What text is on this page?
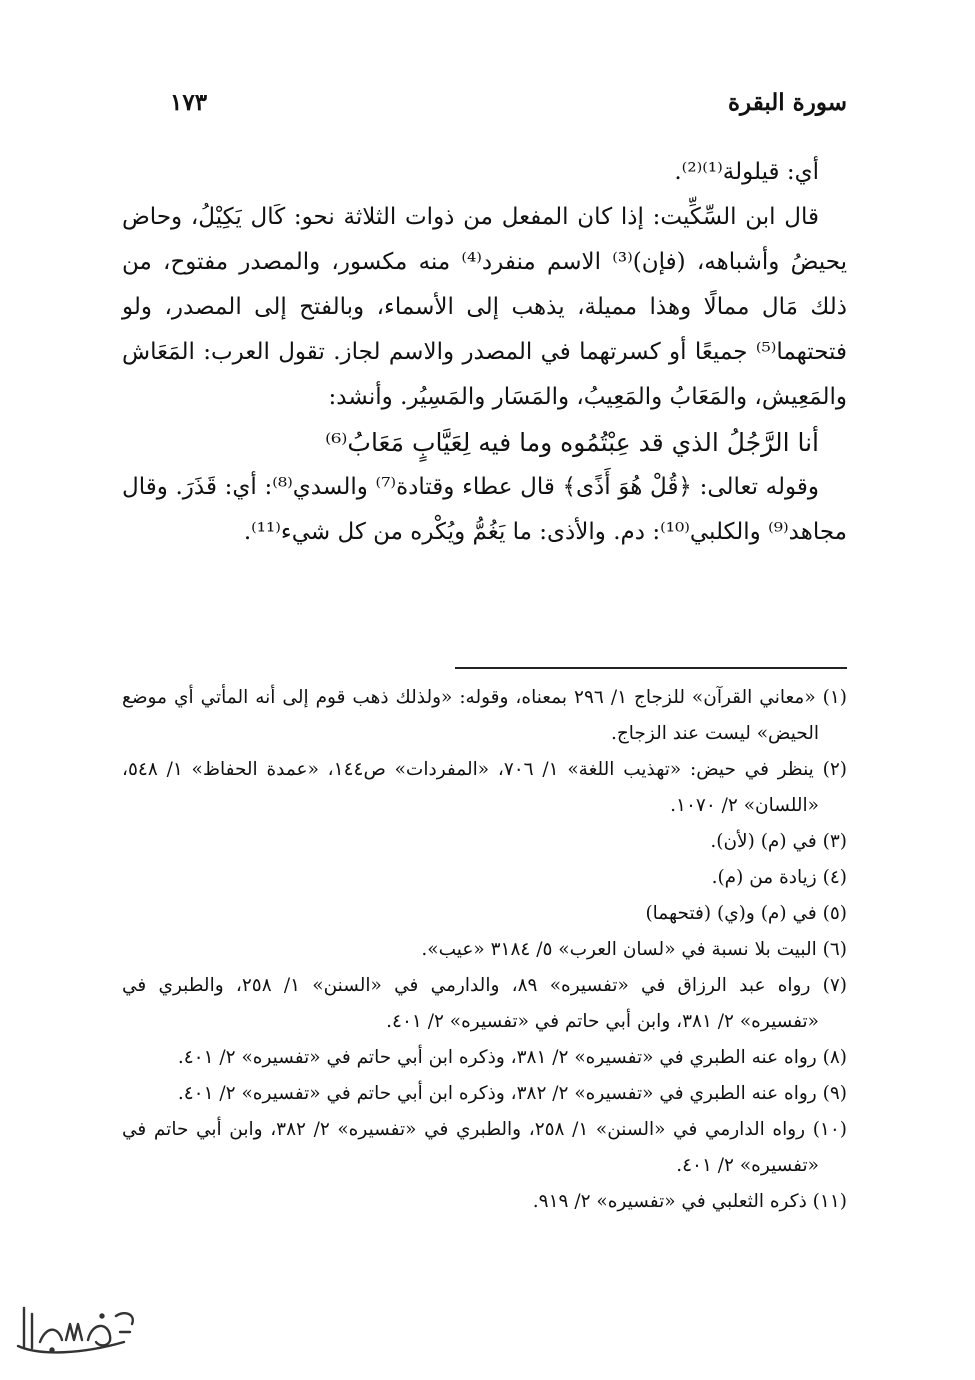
سورة البقرة
١٧٣

أي: قيلولة⁽¹⁾⁽²⁾.

قال ابن السِّكِّيت: إذا كان المفعل من ذوات الثلاثة نحو: كَال يَكِيْلُ، وحاض يحيضُ وأشباهه، (فإن)⁽³⁾ الاسم منفرد⁽⁴⁾ منه مكسور، والمصدر مفتوح، من ذلك مَال ممالًا وهذا مميلة، يذهب إلى الأسماء، وبالفتح إلى المصدر، ولو فتحتهما⁽⁵⁾ جميعًا أو كسرتهما في المصدر والاسم لجاز. تقول العرب: المَعَاش والمَعِيش، والمَعَابُ والمَعِيبُ، والمَسَار والمَسِيُر. وأنشد:

أنا الرَّجُلُ الذي قد عِبْتُمُوه وما فيه لِعَيَّابٍ مَعَابُ⁽⁶⁾

وقوله تعالى: ﴿قُلْ هُوَ أَذًى﴾ قال عطاء وقتادة⁽⁷⁾ والسدي⁽⁸⁾: أي: قَذَرَ. وقال مجاهد⁽⁹⁾ والكلبي⁽¹⁰⁾: دم. والأذى: ما يَغُمُّ ويُكْره من كل شيء⁽¹¹⁾.

(١) «معاني القرآن» للزجاج ١/ ٢٩٦ بمعناه، وقوله: «ولذلك ذهب قوم إلى أنه المأتي أي موضع الحيض» ليست عند الزجاج.

(٢) ينظر في حيض: «تهذيب اللغة» ١/ ٧٠٦، «المفردات» ص١٤٤، «عمدة الحفاظ» ١/ ٥٤٨، «اللسان» ٢/ ١٠٧٠.

(٣) في (م) (لأن).

(٤) زيادة من (م).

(٥) في (م) و(ي) (فتحهما)

(٦) البيت بلا نسبة في «لسان العرب» ٥/ ٣١٨٤ «عيب».

(٧) رواه عبد الرزاق في «تفسيره» ٨٩، والدارمي في «السنن» ١/ ٢٥٨، والطبري في «تفسيره» ٢/ ٣٨١، وابن أبي حاتم في «تفسيره» ٢/ ٤٠١.

(٨) رواه عنه الطبري في «تفسيره» ٢/ ٣٨١، وذكره ابن أبي حاتم في «تفسيره» ٢/ ٤٠١.

(٩) رواه عنه الطبري في «تفسيره» ٢/ ٣٨٢، وذكره ابن أبي حاتم في «تفسيره» ٢/ ٤٠١.

(١٠) رواه الدارمي في «السنن» ١/ ٢٥٨، والطبري في «تفسيره» ٢/ ٣٨٢، وابن أبي حاتم في «تفسيره» ٢/ ٤٠١.

(١١) ذكره الثعلبي في «تفسيره» ٢/ ٩١٩.
